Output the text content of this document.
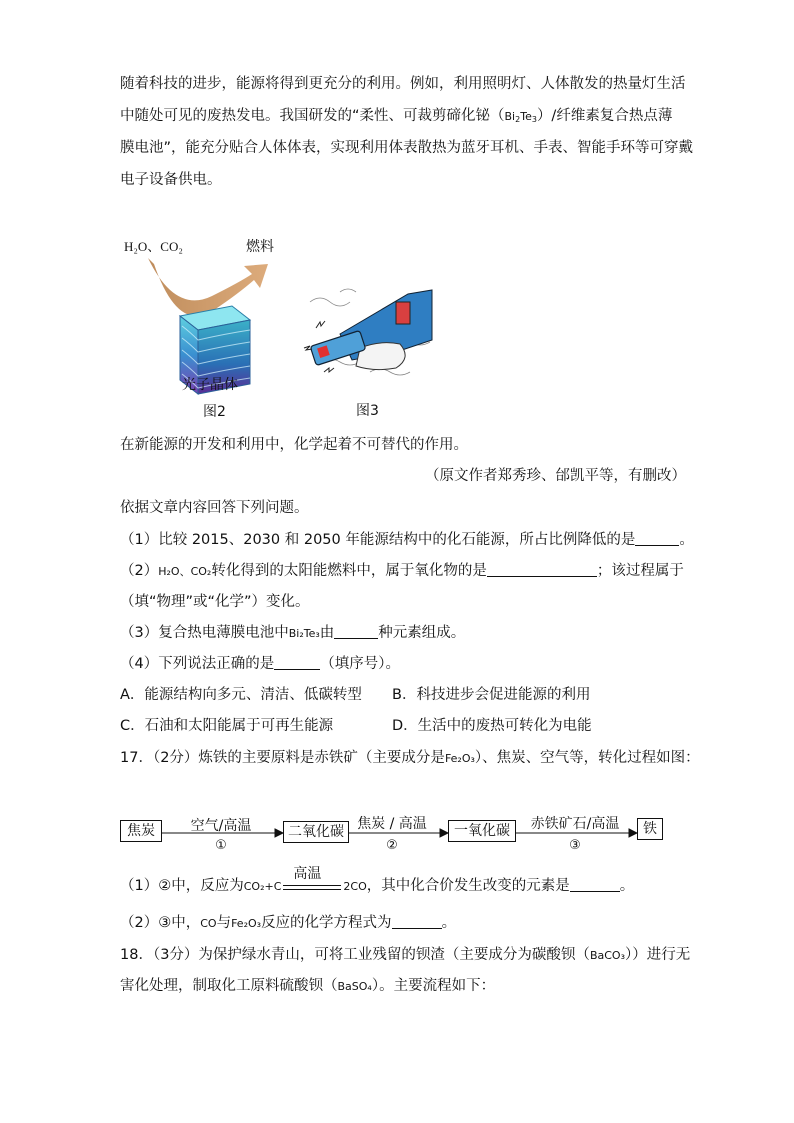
随着科技的进步，能源将得到更充分的利用。例如，利用照明灯、人体散发的热量灯生活
中随处可见的废热发电。我国研发的“柔性、可裁剪碲化铋$(Bi_2Te_3)/$纤维素复合热点薄
膜电池”，能充分贴合人体体表，实现利用体表散热为蓝牙耳机、手表、智能手环等可穿戴
电子设备供电。
H₂O、CO₂	燃料
光子晶体
图2	图3
在新能源的开发和利用中，化学起着不可替代的作用。
（原文作者郑秀珍、邰凯平等，有删改）
依据文章内容回答下列问题。
（1）比较 2015、2030 和 2050 年能源结构中的化石能源，所占比例降低的是	。
（2）H₂O、CO₂转化得到的太阳能燃料中，属于氧化物的是	；该过程属于
（填“物理”或“化学”）变化。
（3）复合热电薄膜电池中Bi₂Te₃由	种元素组成。
（4）下列说法正确的是	（填序号）。
A．能源结构向多元、清洁、低碳转型 B．科技进步会促进能源的利用
C．石油和太阳能属于可再生能源	D．生活中的废热可转化为电能
17．（2分）炼铁的主要原料是赤铁矿（主要成分是Fe₂O₃）、焦炭、空气等，转化过程如图：
焦炭	空气/高温
①
二氧化碳 焦炭 / 高温
②
一氧化碳	赤铁矿石/高温
③
铁
（1）②中，反应为CO₂+C
高温
2CO，其中化合价发生改变的元素是	。
（2）③中，CO与Fe₂O₃反应的化学方程式为	。
18．（3分）为保护绿水青山，可将工业残留的钡渣（主要成分为碳酸钡（BaCO₃））进行无
害化处理，制取化工原料硫酸钡（BaSO₄）。主要流程如下：
